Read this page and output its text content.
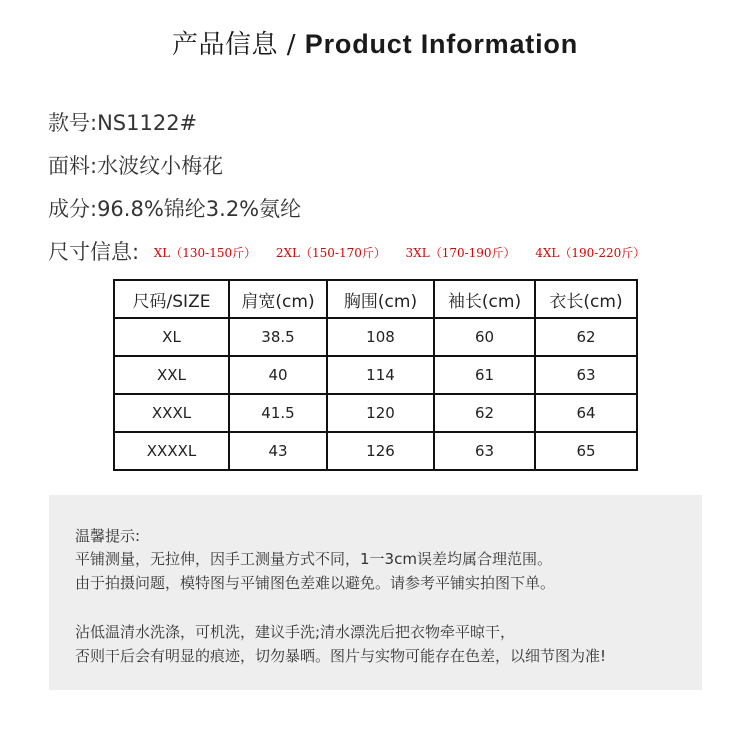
产品信息 / Product Information
款号:NS1122#
面料:水波纹小梅花
成分:96.8%锦纶3.2%氨纶
尺寸信息: XL（130-150斤） 2XL（150-170斤） 3XL（170-190斤） 4XL（190-220斤）
尺码/SIZE	肩宽(cm)	胸围(cm)	袖长(cm)	衣长(cm)
XL	38.5	108	60	62
XXL	40	114	61	63
XXXL	41.5	120	62	64
XXXXL	43	126	63	65
温馨提示:
平铺测量，无拉伸，因手工测量方式不同，1一3cm误差均属合理范围。
由于拍摄问题，模特图与平铺图色差难以避免。请参考平铺实拍图下单。
沾低温清水洗涤，可机洗，建议手洗;清水漂洗后把衣物牵平晾干，
否则干后会有明显的痕迹，切勿暴晒。图片与实物可能存在色差，以细节图为准!
